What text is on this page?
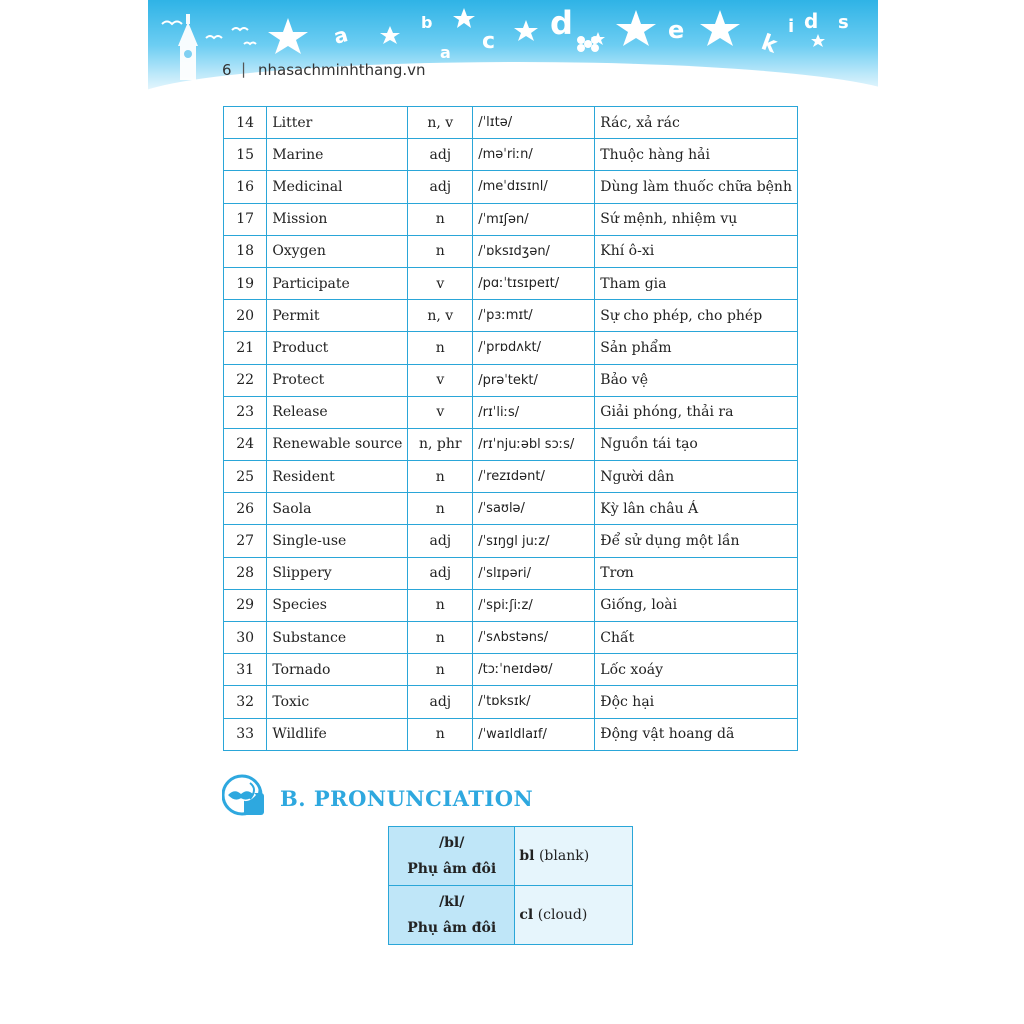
a	b
a c d	e
k
i d s
6 | nhasachminhthang.vn
14	Litter	n, v	/ˈlɪtə/	Rác, xả rác
15	Marine	adj	/məˈriːn/	Thuộc hàng hải
16	Medicinal	adj	/meˈdɪsɪnl/	Dùng làm thuốc chữa bệnh
17	Mission	n	/ˈmɪʃən/	Sứ mệnh, nhiệm vụ
18	Oxygen	n	/ˈɒksɪdʒən/	Khí ô-xi
19	Participate	v	/pɑːˈtɪsɪpeɪt/	Tham gia
20	Permit	n, v	/ˈpɜːmɪt/	Sự cho phép, cho phép
21	Product	n	/ˈprɒdʌkt/	Sản phẩm
22	Protect	v	/prəˈtekt/	Bảo vệ
23	Release	v	/rɪˈliːs/	Giải phóng, thải ra
24	Renewable source	n, phr	/rɪˈnjuːəbl sɔːs/	Nguồn tái tạo
25	Resident	n	/ˈrezɪdənt/	Người dân
26	Saola	n	/ˈsaʊlə/	Kỳ lân châu Á
27	Single-use	adj	/ˈsɪŋgl juːz/	Để sử dụng một lần
28	Slippery	adj	/ˈslɪpəri/	Trơn
29	Species	n	/ˈspiːʃiːz/	Giống, loài
30	Substance	n	/ˈsʌbstəns/	Chất
31	Tornado	n	/tɔːˈneɪdəʊ/	Lốc xoáy
32	Toxic	adj	/ˈtɒksɪk/	Độc hại
33	Wildlife	n	/ˈwaɪldlaɪf/	Động vật hoang dã
B. PRONUNCIATION
/bl/
Phụ âm đôi	bl (blank)

/kl/
Phụ âm đôi	cl (cloud)
